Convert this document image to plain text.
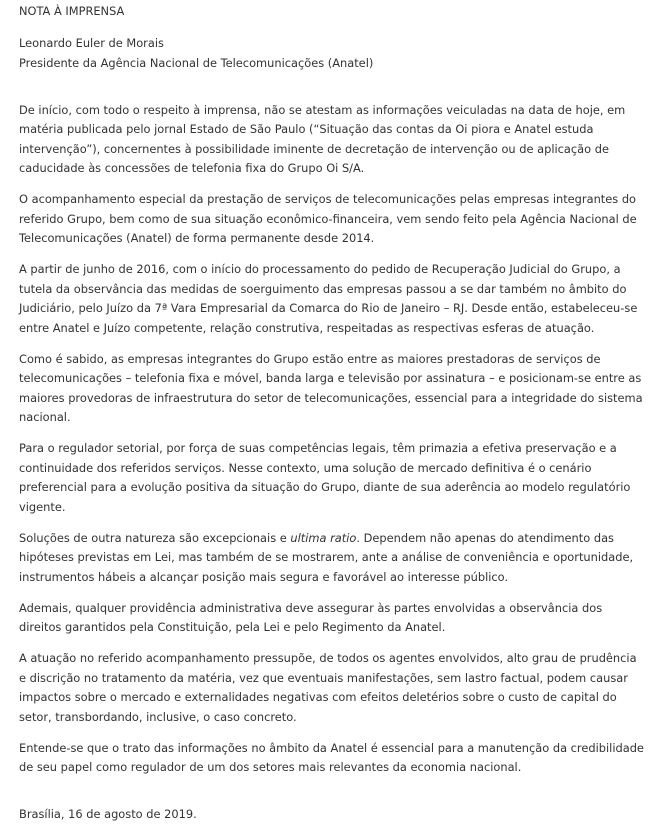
NOTA À IMPRENSA
Leonardo Euler de Morais
Presidente da Agência Nacional de Telecomunicações (Anatel)

De início, com todo o respeito à imprensa, não se atestam as informações veiculadas na data de hoje, em matéria publicada pelo jornal Estado de São Paulo (“Situação das contas da Oi piora e Anatel estuda intervenção”), concernentes à possibilidade iminente de decretação de intervenção ou de aplicação de caducidade às concessões de telefonia fixa do Grupo Oi S/A.

O acompanhamento especial da prestação de serviços de telecomunicações pelas empresas integrantes do referido Grupo, bem como de sua situação econômico-financeira, vem sendo feito pela Agência Nacional de Telecomunicações (Anatel) de forma permanente desde 2014.

A partir de junho de 2016, com o início do processamento do pedido de Recuperação Judicial do Grupo, a tutela da observância das medidas de soerguimento das empresas passou a se dar também no âmbito do Judiciário, pelo Juízo da 7ª Vara Empresarial da Comarca do Rio de Janeiro – RJ. Desde então, estabeleceu-se entre Anatel e Juízo competente, relação construtiva, respeitadas as respectivas esferas de atuação.

Como é sabido, as empresas integrantes do Grupo estão entre as maiores prestadoras de serviços de telecomunicações – telefonia fixa e móvel, banda larga e televisão por assinatura – e posicionam-se entre as maiores provedoras de infraestrutura do setor de telecomunicações, essencial para a integridade do sistema nacional.

Para o regulador setorial, por força de suas competências legais, têm primazia a efetiva preservação e a continuidade dos referidos serviços. Nesse contexto, uma solução de mercado definitiva é o cenário preferencial para a evolução positiva da situação do Grupo, diante de sua aderência ao modelo regulatório vigente.

Soluções de outra natureza são excepcionais e ultima ratio. Dependem não apenas do atendimento das hipóteses previstas em Lei, mas também de se mostrarem, ante a análise de conveniência e oportunidade, instrumentos hábeis a alcançar posição mais segura e favorável ao interesse público.

Ademais, qualquer providência administrativa deve assegurar às partes envolvidas a observância dos direitos garantidos pela Constituição, pela Lei e pelo Regimento da Anatel.

A atuação no referido acompanhamento pressupõe, de todos os agentes envolvidos, alto grau de prudência e discrição no tratamento da matéria, vez que eventuais manifestações, sem lastro factual, podem causar impactos sobre o mercado e externalidades negativas com efeitos deletérios sobre o custo de capital do setor, transbordando, inclusive, o caso concreto.

Entende-se que o trato das informações no âmbito da Anatel é essencial para a manutenção da credibilidade de seu papel como regulador de um dos setores mais relevantes da economia nacional.

Brasília, 16 de agosto de 2019.
